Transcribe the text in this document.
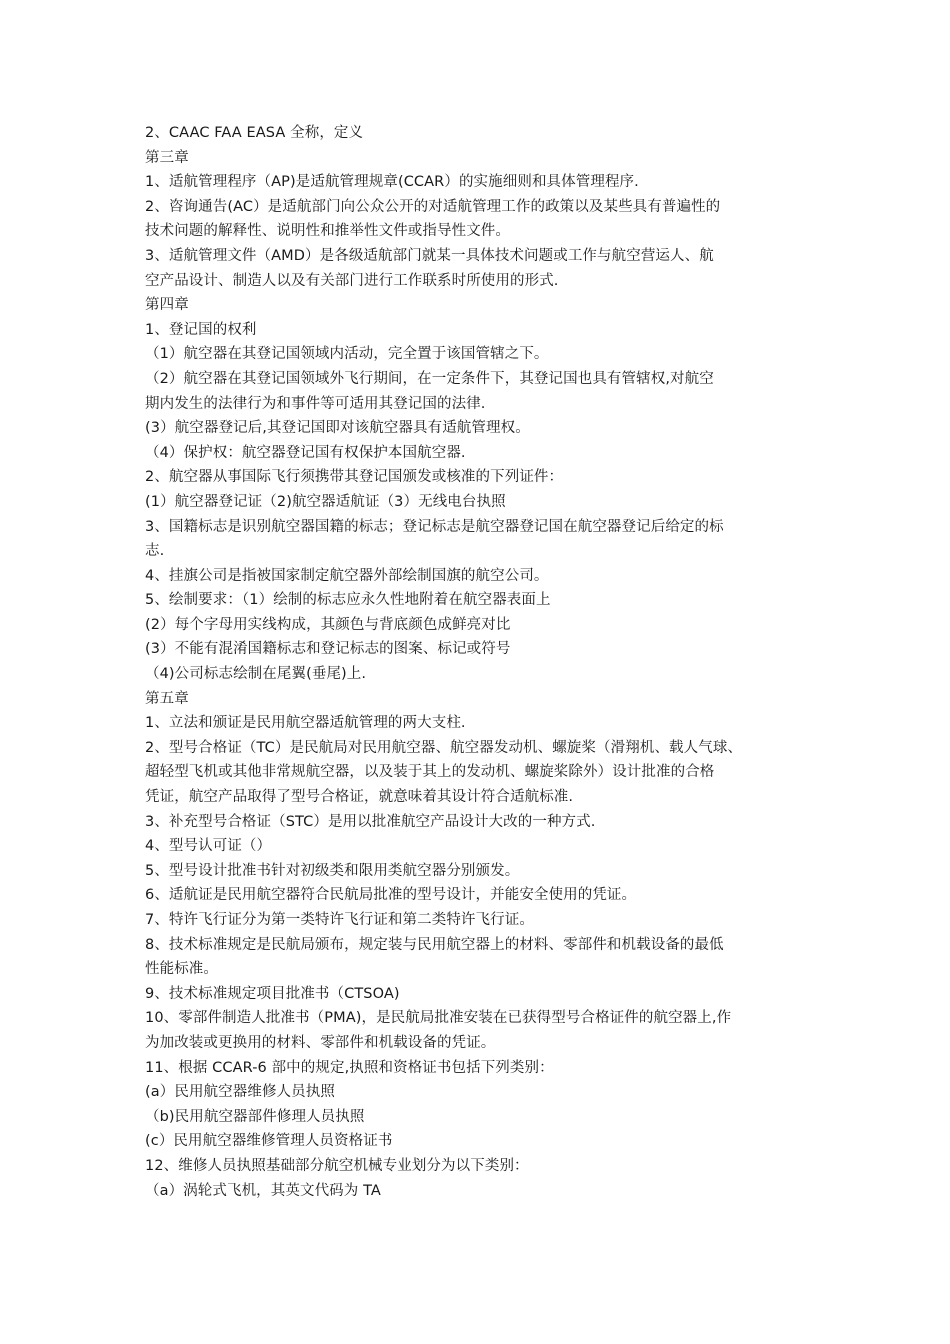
2、CAAC FAA EASA 全称，定义
第三章
1、适航管理程序（AP)是适航管理规章(CCAR）的实施细则和具体管理程序.
2、咨询通告(AC）是适航部门向公众公开的对适航管理工作的政策以及某些具有普遍性的
技术问题的解释性、说明性和推举性文件或指导性文件。
3、适航管理文件（AMD）是各级适航部门就某一具体技术问题或工作与航空营运人、航
空产品设计、制造人以及有关部门进行工作联系时所使用的形式.
第四章
1、登记国的权利
（1）航空器在其登记国领域内活动，完全置于该国管辖之下。
（2）航空器在其登记国领域外飞行期间，在一定条件下，其登记国也具有管辖权,对航空
期内发生的法律行为和事件等可适用其登记国的法律.
(3）航空器登记后,其登记国即对该航空器具有适航管理权。
（4）保护权：航空器登记国有权保护本国航空器.
2、航空器从事国际飞行须携带其登记国颁发或核准的下列证件：
(1）航空器登记证（2)航空器适航证（3）无线电台执照
3、国籍标志是识别航空器国籍的标志；登记标志是航空器登记国在航空器登记后给定的标
志.
4、挂旗公司是指被国家制定航空器外部绘制国旗的航空公司。
5、绘制要求：（1）绘制的标志应永久性地附着在航空器表面上
(2）每个字母用实线构成，其颜色与背底颜色成鲜亮对比
(3）不能有混淆国籍标志和登记标志的图案、标记或符号
（4)公司标志绘制在尾翼(垂尾)上.
第五章
1、立法和颁证是民用航空器适航管理的两大支柱.
2、型号合格证（TC）是民航局对民用航空器、航空器发动机、螺旋桨（滑翔机、载人气球、
超轻型飞机或其他非常规航空器，以及装于其上的发动机、螺旋桨除外）设计批准的合格
凭证，航空产品取得了型号合格证，就意味着其设计符合适航标准.
3、补充型号合格证（STC）是用以批准航空产品设计大改的一种方式.
4、型号认可证（）
5、型号设计批准书针对初级类和限用类航空器分别颁发。
6、适航证是民用航空器符合民航局批准的型号设计，并能安全使用的凭证。
7、特许飞行证分为第一类特许飞行证和第二类特许飞行证。
8、技术标准规定是民航局颁布，规定装与民用航空器上的材料、零部件和机载设备的最低
性能标准。
9、技术标准规定项目批准书（CTSOA)
10、零部件制造人批准书（PMA)，是民航局批准安装在已获得型号合格证件的航空器上,作
为加改装或更换用的材料、零部件和机载设备的凭证。
11、根据 CCAR-6 部中的规定,执照和资格证书包括下列类别：
(a）民用航空器维修人员执照
（b)民用航空器部件修理人员执照
(c）民用航空器维修管理人员资格证书
12、维修人员执照基础部分航空机械专业划分为以下类别：
（a）涡轮式飞机，其英文代码为 TA
